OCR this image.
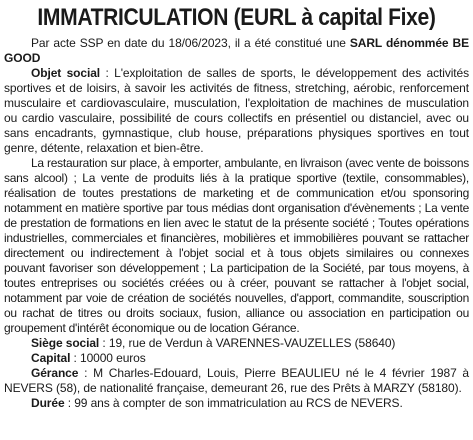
IMMATRICULATION (EURL à capital Fixe)

Par acte SSP en date du 18/06/2023, il a été constitué une SARL dénommée BE GOOD

Objet social : L'exploitation de salles de sports, le développement des activités sportives et de loisirs, à savoir les activités de fitness, stretching, aérobic, renforcement musculaire et cardiovasculaire, musculation, l'exploitation de machines de musculation ou cardio vasculaire, possibilité de cours collectifs en présentiel ou distanciel, avec ou sans encadrants, gymnastique, club house, préparations physiques sportives en tout genre, détente, relaxation et bien-être.

La restauration sur place, à emporter, ambulante, en livraison (avec vente de boissons sans alcool) ; La vente de produits liés à la pratique sportive (textile, consommables), réalisation de toutes prestations de marketing et de communication et/ou sponsoring notamment en matière sportive par tous médias dont organisation d'évènements ; La vente de prestation de formations en lien avec le statut de la présente société ; Toutes opérations industrielles, commerciales et financières, mobilières et immobilières pouvant se rattacher directement ou indirectement à l'objet social et à tous objets similaires ou connexes pouvant favoriser son développement ; La participation de la Société, par tous moyens, à toutes entreprises ou sociétés créées ou à créer, pouvant se rattacher à l'objet social, notamment par voie de création de sociétés nouvelles, d'apport, commandite, souscription ou rachat de titres ou droits sociaux, fusion, alliance ou association en participation ou groupement d'intérêt économique ou de location Gérance.

Siège social : 19, rue de Verdun à VARENNES-VAUZELLES (58640)

Capital : 10000 euros

Gérance : M Charles-Edouard, Louis, Pierre BEAULIEU né le 4 février 1987 à NEVERS (58), de nationalité française, demeurant 26, rue des Prêts à MARZY (58180).

Durée : 99 ans à compter de son immatriculation au RCS de NEVERS.
